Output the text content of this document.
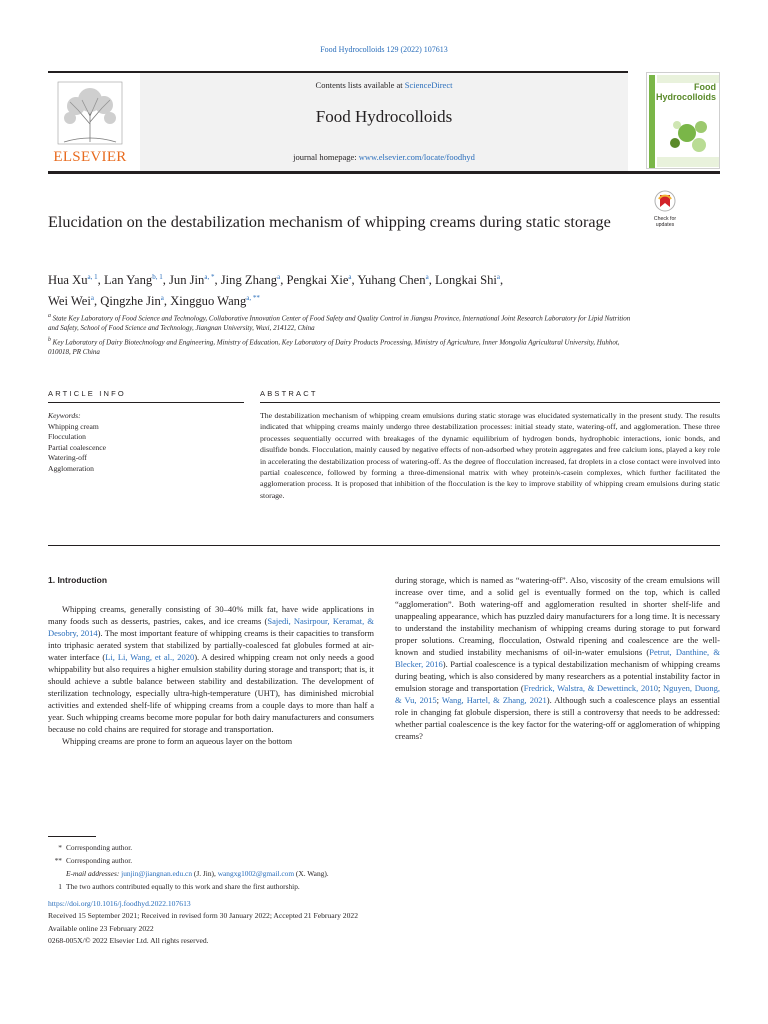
Food Hydrocolloids 129 (2022) 107613
ELSEVIER
Contents lists available at ScienceDirect
Food Hydrocolloids
journal homepage: www.elsevier.com/locate/foodhyd
Food
Hydrocolloids
Elucidation on the destabilization mechanism of whipping creams during static storage	Check for
updates
Hua Xu$^{a, 1}$, Lan Yang$^{b, 1}$, Jun Jin$^{a, *}$, Jing Zhang$^a$, Pengkai Xie$^a$, Yuhang Chen$^a$, Longkai Shi$^a$,
Wei Wei$^a$, Qingzhe Jin$^a$, Xingguo Wang$^{a, **}$
$^a$ State Key Laboratory of Food Science and Technology, Collaborative Innovation Center of Food Safety and Quality Control in Jiangsu Province, International Joint Research Laboratory for Lipid Nutrition and Safety, School of Food Science and Technology, Jiangnan University, Wuxi, 214122, China
$^b$ Key Laboratory of Dairy Biotechnology and Engineering, Ministry of Education, Key Laboratory of Dairy Products Processing, Ministry of Agriculture, Inner Mongolia Agricultural University, Huhhot, 010018, PR China
ARTICLE INFO	ABSTRACT
Keywords:
Whipping cream
Flocculation
Partial coalescence
Watering-off
Agglomeration
The destabilization mechanism of whipping cream emulsions during static storage was elucidated systematically in the present study. The results indicated that whipping creams mainly undergo three destabilization processes: initial steady state, watering-off, and agglomeration. These three processes sequentially occurred with breakages of the dynamic equilibrium of hydrogen bonds, hydrophobic interactions, ionic bonds, and disulfide bonds. Flocculation, mainly caused by negative effects of non-adsorbed whey protein aggregates and free calcium ions, played a key role in accelerating the destabilization process of watering-off. As the degree of flocculation increased, fat droplets in a close contact were involved into partial coalescence, followed by forming a three-dimensional matrix with whey protein/κ-casein complexes, which further facilitated the agglomeration process. It is proposed that inhibition of the flocculation is the key to improve stability of whipping cream emulsions during static storage.

1. Introduction

Whipping creams, generally consisting of 30–40% milk fat, have wide applications in many foods such as desserts, pastries, cakes, and ice creams (Sajedi, Nasirpour, Keramat, & Desobry, 2014). The most important feature of whipping creams is their capacities to transform into triphasic aerated system that stabilized by partially-coalesced fat globules formed at air-water interface (Li, Li, Wang, et al., 2020). A desired whipping cream not only needs a good whippability but also requires a higher emulsion stability during storage and transport; that is, it should achieve a subtle balance between stability and destabilization. The development of sterilization technology, especially ultra-high-temperature (UHT), has diminished microbial activities and extended shelf-life of whipping creams from a couple days to more than half a year. Such whipping creams become more popular for both dairy manufacturers and consumers because no cold chains are required for storage and transportation.

Whipping creams are prone to form an aqueous layer on the bottom

during storage, which is named as “watering-off”. Also, viscosity of the cream emulsions will increase over time, and a solid gel is eventually formed on the top, which is called “agglomeration”. Both watering-off and agglomeration resulted in shorter shelf-life and unappealing appearance, which has puzzled dairy manufacturers for a long time. It is necessary to understand the instability mechanism of whipping creams during storage to put forward proper solutions. Creaming, flocculation, Ostwald ripening and coalescence are the well-known and studied instability mechanisms of oil-in-water emulsions (Petrut, Danthine, & Blecker, 2016). Partial coalescence is a typical destabilization mechanism of whipping creams during beating, which is also considered by many researchers as a potential instability factor in emulsion storage and transportation (Fredrick, Walstra, & Dewettinck, 2010; Nguyen, Duong, & Vu, 2015; Wang, Hartel, & Zhang, 2021). Although such a coalescence plays an essential role in changing fat globule dispersion, there is still a controversy that needs to be addressed: whether partial coalescence is the key factor for the watering-off or agglomeration of whipping creams?

* Corresponding author.
** Corresponding author.
E-mail addresses: junjin@jiangnan.edu.cn (J. Jin), wangxg1002@gmail.com (X. Wang).
1 The two authors contributed equally to this work and share the first authorship.
https://doi.org/10.1016/j.foodhyd.2022.107613
Received 15 September 2021; Received in revised form 30 January 2022; Accepted 21 February 2022
Available online 23 February 2022
0268-005X/© 2022 Elsevier Ltd. All rights reserved.
